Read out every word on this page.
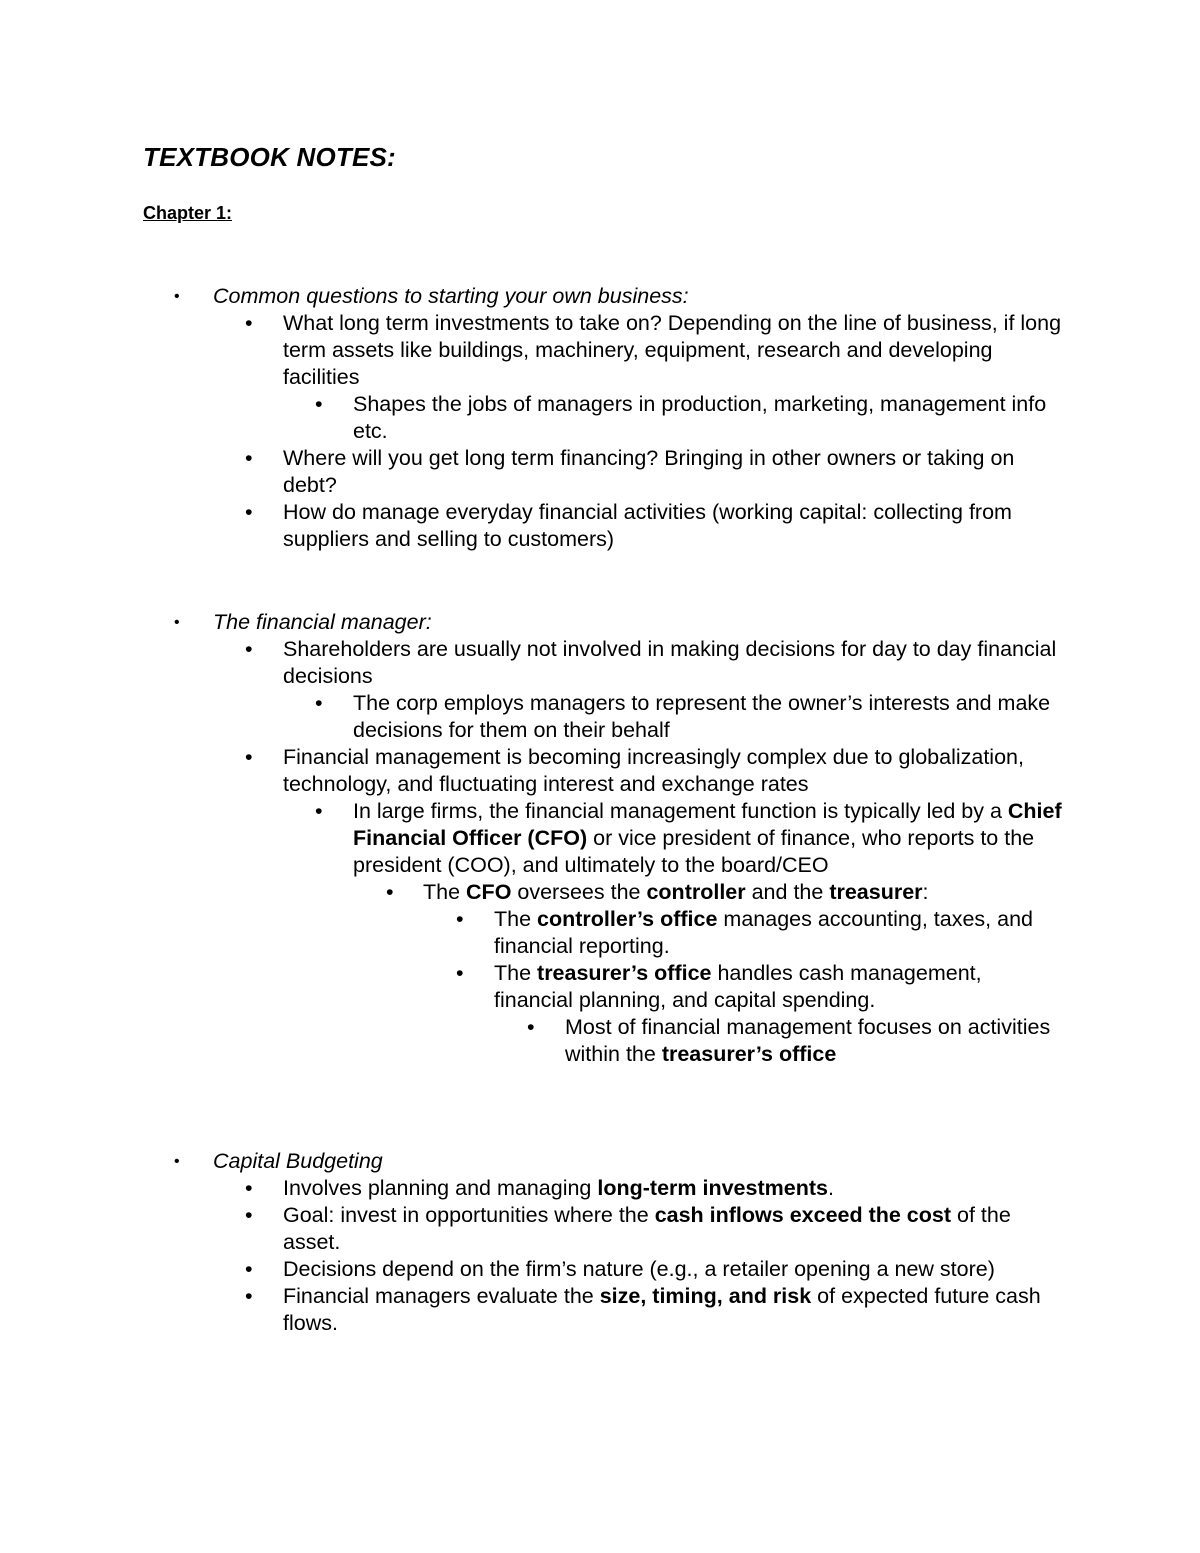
TEXTBOOK NOTES:
Chapter 1:
• Common questions to starting your own business:
• What long term investments to take on? Depending on the line of business, if long term assets like buildings, machinery, equipment, research and developing facilities
• Shapes the jobs of managers in production, marketing, management info etc.
• Where will you get long term financing? Bringing in other owners or taking on debt?
• How do manage everyday financial activities (working capital: collecting from suppliers and selling to customers)
• The financial manager:
• Shareholders are usually not involved in making decisions for day to day financial decisions
• The corp employs managers to represent the owner’s interests and make decisions for them on their behalf
• Financial management is becoming increasingly complex due to globalization, technology, and fluctuating interest and exchange rates
• In large firms, the financial management function is typically led by a Chief Financial Officer (CFO) or vice president of finance, who reports to the president (COO), and ultimately to the board/CEO
• The CFO oversees the controller and the treasurer:
• The controller’s office manages accounting, taxes, and financial reporting.
• The treasurer’s office handles cash management, financial planning, and capital spending.
• Most of financial management focuses on activities within the treasurer’s office
• Capital Budgeting
• Involves planning and managing long-term investments.
• Goal: invest in opportunities where the cash inflows exceed the cost of the asset.
• Decisions depend on the firm’s nature (e.g., a retailer opening a new store)
• Financial managers evaluate the size, timing, and risk of expected future cash flows.
